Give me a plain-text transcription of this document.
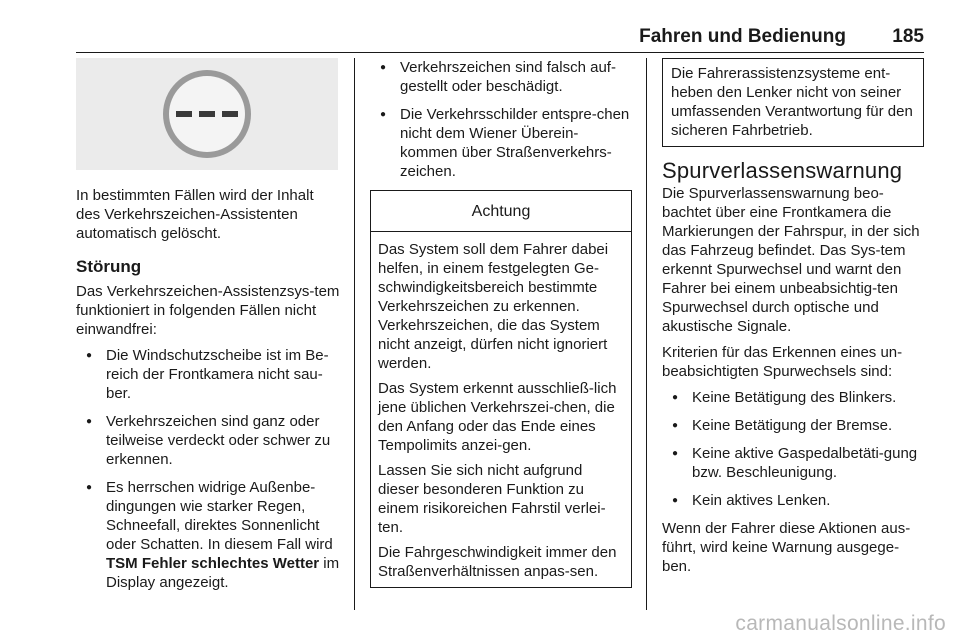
Fahren und Bedienung 185

In bestimmten Fällen wird der Inhalt des Verkehrszeichen-Assistenten automatisch gelöscht.

Störung

Das Verkehrszeichen-Assistenzsys-tem funktioniert in folgenden Fällen nicht einwandfrei:

● Die Windschutzscheibe ist im Be-reich der Frontkamera nicht sau-ber.
● Verkehrszeichen sind ganz oder teilweise verdeckt oder schwer zu erkennen.
● Es herrschen widrige Außenbe-dingungen wie starker Regen, Schneefall, direktes Sonnenlicht oder Schatten. In diesem Fall wird TSM Fehler schlechtes Wetter im Display angezeigt.
● Verkehrszeichen sind falsch auf-gestellt oder beschädigt.
● Die Verkehrsschilder entspre-chen nicht dem Wiener Überein-kommen über Straßenverkehrs-zeichen.
Achtung

Das System soll dem Fahrer dabei helfen, in einem festgelegten Ge-schwindigkeitsbereich bestimmte Verkehrszeichen zu erkennen. Verkehrszeichen, die das System nicht anzeigt, dürfen nicht ignoriert werden.

Das System erkennt ausschließ-lich jene üblichen Verkehrszei-chen, die den Anfang oder das Ende eines Tempolimits anzei-gen.

Lassen Sie sich nicht aufgrund dieser besonderen Funktion zu einem risikoreichen Fahrstil verlei-ten.

Die Fahrgeschwindigkeit immer den Straßenverhältnissen anpas-sen.

Die Fahrerassistenzsysteme ent-heben den Lenker nicht von seiner umfassenden Verantwortung für den sicheren Fahrbetrieb.
Spurverlassenswarnung

Die Spurverlassenswarnung beo-bachtet über eine Frontkamera die Markierungen der Fahrspur, in der sich das Fahrzeug befindet. Das Sys-tem erkennt Spurwechsel und warnt den Fahrer bei einem unbeabsichtig-ten Spurwechsel durch optische und akustische Signale.

Kriterien für das Erkennen eines un-beabsichtigten Spurwechsels sind:

● Keine Betätigung des Blinkers.
● Keine Betätigung der Bremse.
● Keine aktive Gaspedalbetäti-gung bzw. Beschleunigung.
● Kein aktives Lenken.

Wenn der Fahrer diese Aktionen aus-führt, wird keine Warnung ausgege-ben.

carmanualsonline.info
